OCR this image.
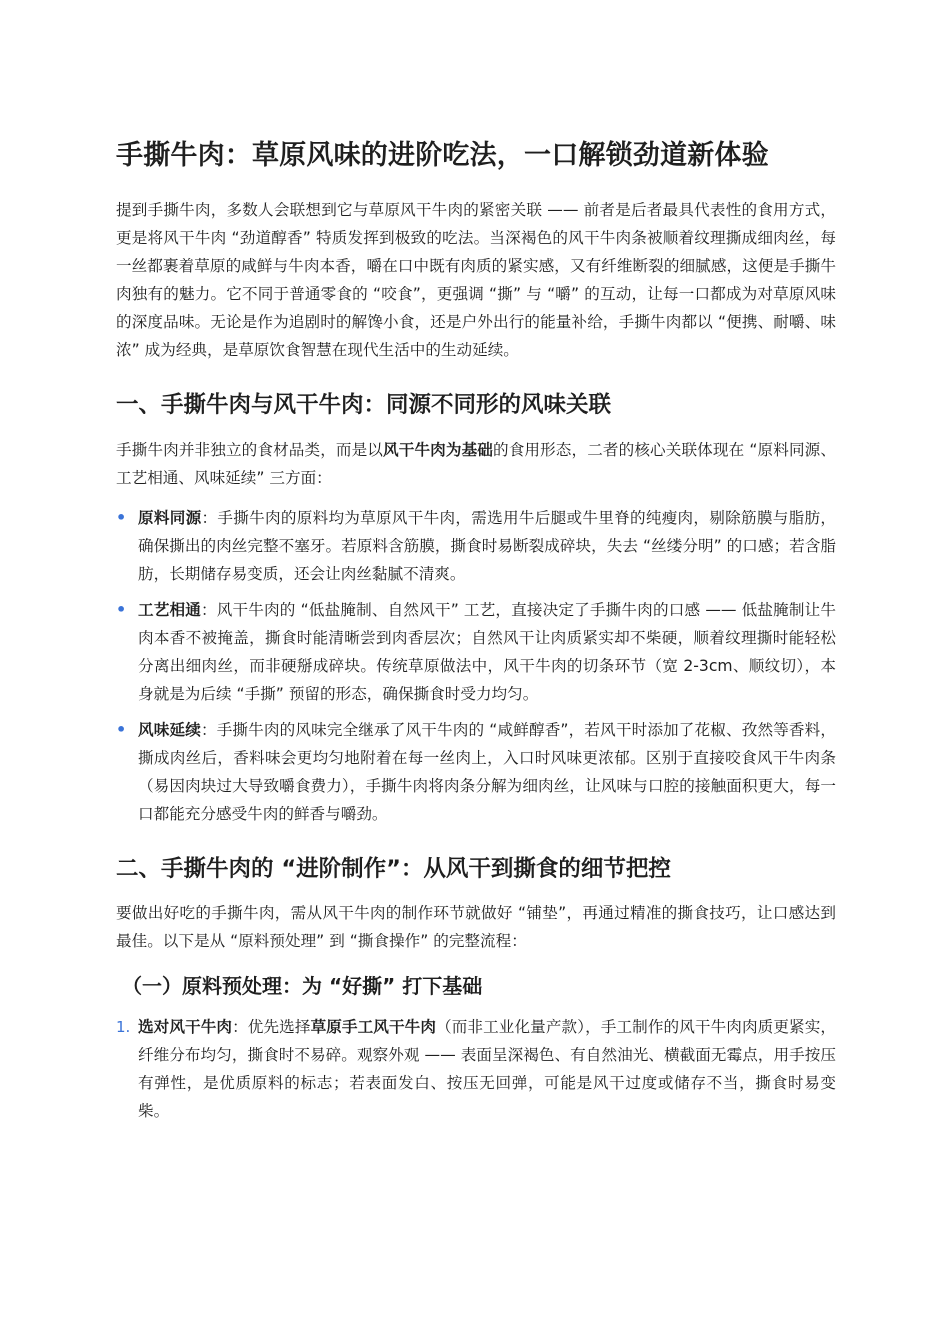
手撕牛肉：草原风味的进阶吃法，一口解锁劲道新体验

提到手撕牛肉，多数人会联想到它与草原风干牛肉的紧密关联 —— 前者是后者最具代表性的食用方式，更是将风干牛肉 “劲道醇香” 特质发挥到极致的吃法。当深褐色的风干牛肉条被顺着纹理撕成细肉丝，每一丝都裹着草原的咸鲜与牛肉本香，嚼在口中既有肉质的紧实感，又有纤维断裂的细腻感，这便是手撕牛肉独有的魅力。它不同于普通零食的 “咬食”，更强调 “撕” 与 “嚼” 的互动，让每一口都成为对草原风味的深度品味。无论是作为追剧时的解馋小食，还是户外出行的能量补给，手撕牛肉都以 “便携、耐嚼、味浓” 成为经典，是草原饮食智慧在现代生活中的生动延续。

一、手撕牛肉与风干牛肉：同源不同形的风味关联

手撕牛肉并非独立的食材品类，而是以风干牛肉为基础的食用形态，二者的核心关联体现在 “原料同源、工艺相通、风味延续” 三方面：

• 原料同源：手撕牛肉的原料均为草原风干牛肉，需选用牛后腿或牛里脊的纯瘦肉，剔除筋膜与脂肪，确保撕出的肉丝完整不塞牙。若原料含筋膜，撕食时易断裂成碎块，失去 “丝缕分明” 的口感；若含脂肪，长期储存易变质，还会让肉丝黏腻不清爽。
• 工艺相通：风干牛肉的 “低盐腌制、自然风干” 工艺，直接决定了手撕牛肉的口感 —— 低盐腌制让牛肉本香不被掩盖，撕食时能清晰尝到肉香层次；自然风干让肉质紧实却不柴硬，顺着纹理撕时能轻松分离出细肉丝，而非硬掰成碎块。传统草原做法中，风干牛肉的切条环节（宽 2-3cm、顺纹切），本身就是为后续 “手撕” 预留的形态，确保撕食时受力均匀。
• 风味延续：手撕牛肉的风味完全继承了风干牛肉的 “咸鲜醇香”，若风干时添加了花椒、孜然等香料，撕成肉丝后，香料味会更均匀地附着在每一丝肉上，入口时风味更浓郁。区别于直接咬食风干牛肉条（易因肉块过大导致嚼食费力），手撕牛肉将肉条分解为细肉丝，让风味与口腔的接触面积更大，每一口都能充分感受牛肉的鲜香与嚼劲。
二、手撕牛肉的 “进阶制作”：从风干到撕食的细节把控

要做出好吃的手撕牛肉，需从风干牛肉的制作环节就做好 “铺垫”，再通过精准的撕食技巧，让口感达到最佳。以下是从 “原料预处理” 到 “撕食操作” 的完整流程：

（一）原料预处理：为 “好撕” 打下基础
1. 选对风干牛肉：优先选择草原手工风干牛肉（而非工业化量产款），手工制作的风干牛肉肉质更紧实，纤维分布均匀，撕食时不易碎。观察外观 —— 表面呈深褐色、有自然油光、横截面无霉点，用手按压有弹性，是优质原料的标志；若表面发白、按压无回弹，可能是风干过度或储存不当，撕食时易变柴。
